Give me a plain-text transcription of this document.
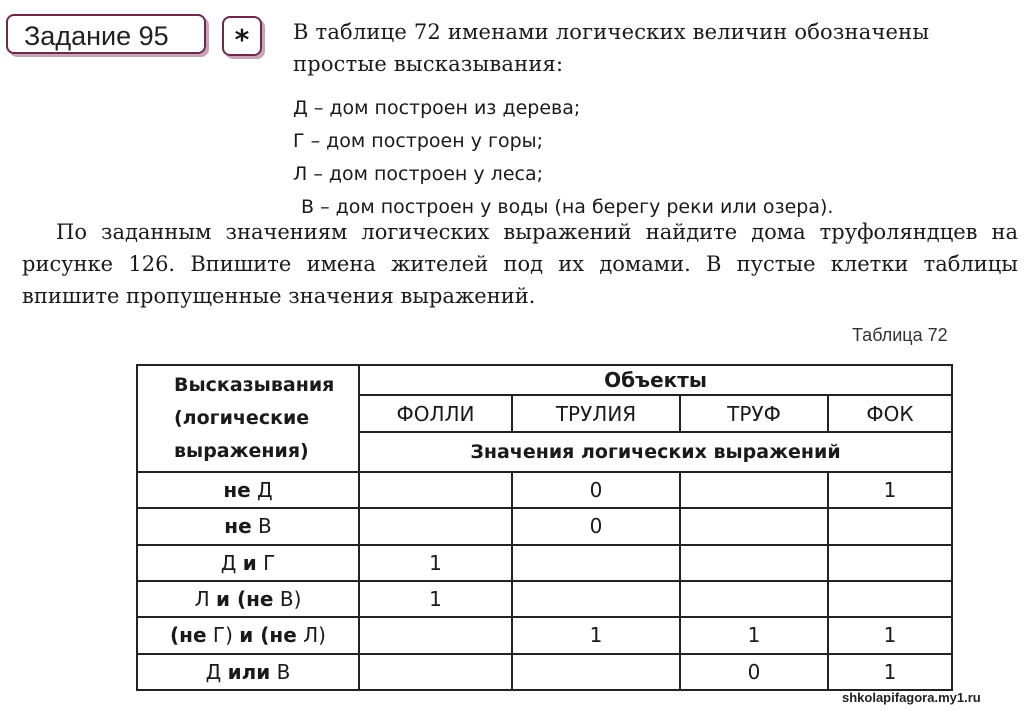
Задание 95	*	В таблице 72 именами логических величин обозначены простые высказывания:
Д – дом построен из дерева;
Г – дом построен у горы;
Л – дом построен у леса;
В – дом построен у воды (на берегу реки или озера).
По заданным значениям логических выражений найдите дома труфоляндцев на рисунке 126. Впишите имена жителей под их домами. В пустые клетки таблицы впишите пропущенные значения выражений.
Таблица 72
Высказывания
(логические
выражения)	Объекты			
	ФОЛЛИ	ТРУЛИЯ	ТРУФ	ФОК
	Значения логических выражений			
не Д		0		1
не В		0		
Д и Г	1			
Л и (не В)	1			
(не Г) и (не Л)		1	1	1
Д или В			0	1
shkolapifagora.my1.ru
